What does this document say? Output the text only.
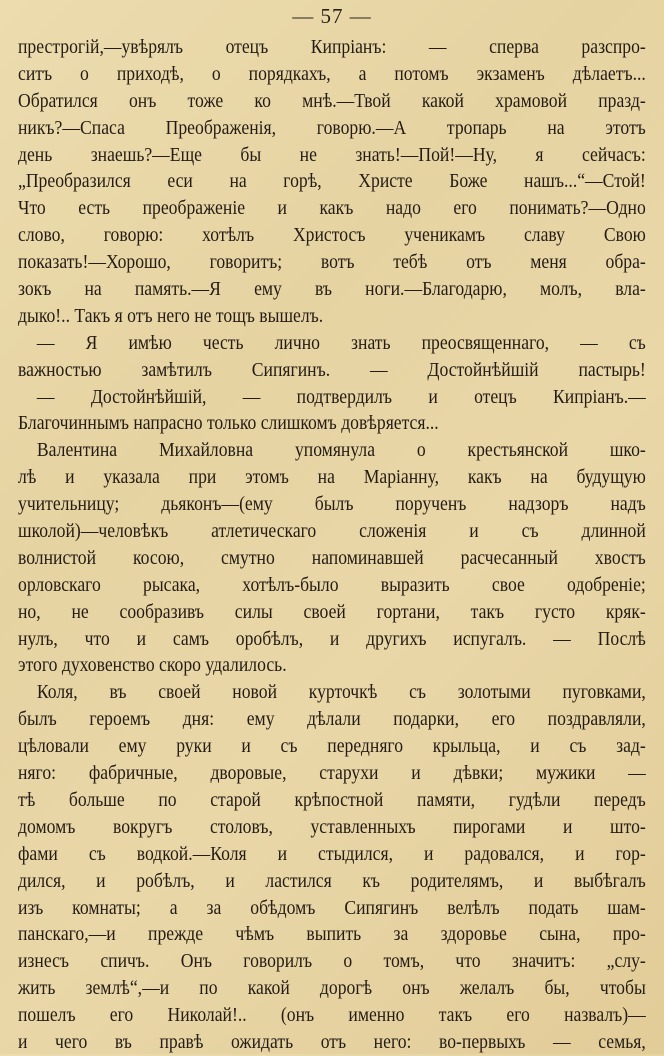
— 57 —
престрогій,—увѣрялъ отецъ Кипріанъ: — сперва разспро-
ситъ о приходѣ, о порядкахъ, а потомъ экзаменъ дѣлаетъ...
Обратился онъ тоже ко мнѣ.—Твой какой храмовой празд-
никъ?—Спаса Преображенія, говорю.—А тропарь на этотъ
день знаешь?—Еще бы не знать!—Пой!—Ну, я сейчасъ:
„Преобразился еси на горѣ, Христе Боже нашъ...“—Стой!
Что есть преображеніе и какъ надо его понимать?—Одно
слово, говорю: хотѣлъ Христосъ ученикамъ славу Свою
показать!—Хорошо, говоритъ; вотъ тебѣ отъ меня обра-
зокъ на память.—Я ему въ ноги.—Благодарю, молъ, вла-
дыко!.. Такъ я отъ него не тощъ вышелъ.
— Я имѣю честь лично знать преосвященнаго, — съ
важностью замѣтилъ Сипягинъ. — Достойнѣйшій пастырь!
— Достойнѣйшій, — подтвердилъ и отецъ Кипріанъ.—
Благочиннымъ напрасно только слишкомъ довѣряется...
Валентина Михайловна упомянула о крестьянской шко-
лѣ и указала при этомъ на Маріанну, какъ на будущую
учительницу; дьяконъ—(ему былъ порученъ надзоръ надъ
школой)—человѣкъ атлетическаго сложенія и съ длинной
волнистой косою, смутно напоминавшей расчесанный хвостъ
орловскаго рысака, хотѣлъ-было выразить свое одобреніе;
но, не сообразивъ силы своей гортани, такъ густо кряк-
нулъ, что и самъ оробѣлъ, и другихъ испугалъ. — Послѣ
этого духовенство скоро удалилось.
Коля, въ своей новой курточкѣ съ золотыми пуговками,
былъ героемъ дня: ему дѣлали подарки, его поздравляли,
цѣловали ему руки и съ передняго крыльца, и съ зад-
няго: фабричные, дворовые, старухи и дѣвки; мужики —
тѣ больше по старой крѣпостной памяти, гудѣли передъ
домомъ вокругъ столовъ, уставленныхъ пирогами и што-
фами съ водкой.—Коля и стыдился, и радовался, и гор-
дился, и робѣлъ, и ластился къ родителямъ, и выбѣгалъ
изъ комнаты; а за обѣдомъ Сипягинъ велѣлъ подать шам-
панскаго,—и прежде чѣмъ выпить за здоровье сына, про-
изнесъ спичъ. Онъ говорилъ о томъ, что значитъ: „слу-
жить землѣ“,—и по какой дорогѣ онъ желалъ бы, чтобы
пошелъ его Николай!.. (онъ именно такъ его назвалъ)—
и чего въ правѣ ожидать отъ него: во-первыхъ — семья,
